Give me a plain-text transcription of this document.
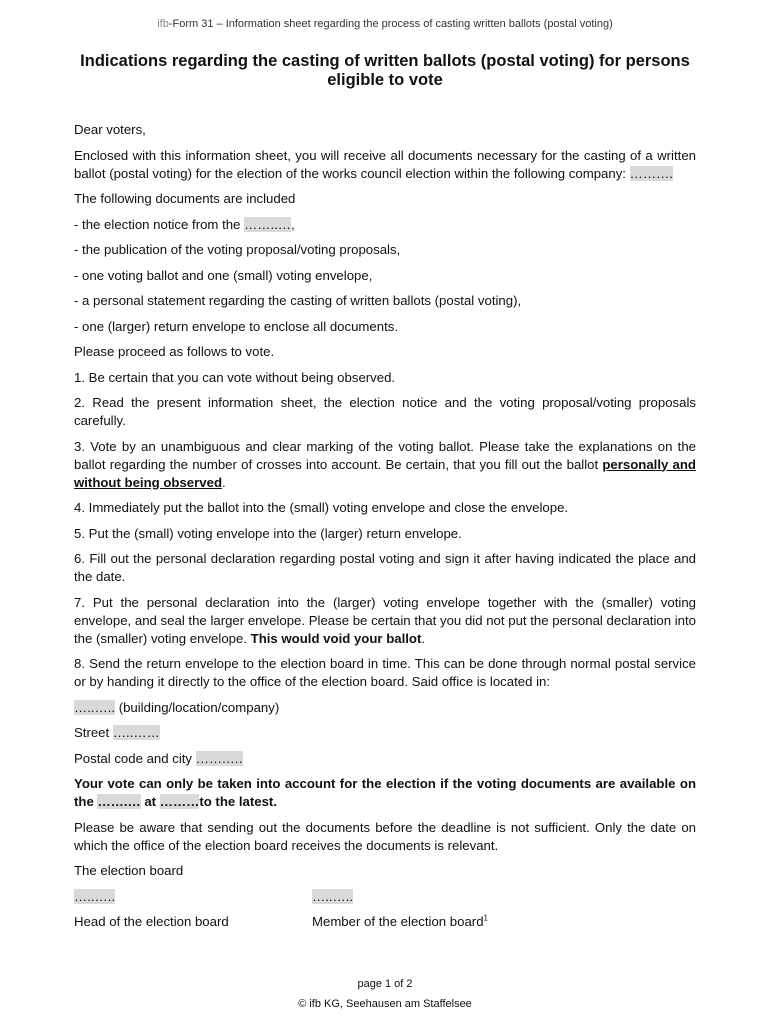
ifb-Form 31 – Information sheet regarding the process of casting written ballots (postal voting)
Indications regarding the casting of written ballots (postal voting) for persons eligible to vote

Dear voters,

Enclosed with this information sheet, you will receive all documents necessary for the casting of a written ballot (postal voting) for the election of the works council election within the following company: ……….

The following documents are included

- the election notice from the ……..…,

- the publication of the voting proposal/voting proposals,

- one voting ballot and one (small) voting envelope,

- a personal statement regarding the casting of written ballots (postal voting),

- one (larger) return envelope to enclose all documents.

Please proceed as follows to vote.

1. Be certain that you can vote without being observed.

2. Read the present information sheet, the election notice and the voting proposal/voting proposals carefully.

3. Vote by an unambiguous and clear marking of the voting ballot. Please take the explanations on the ballot regarding the number of crosses into account. Be certain, that you fill out the ballot personally and without being observed.

4. Immediately put the ballot into the (small) voting envelope and close the envelope.

5. Put the (small) voting envelope into the (larger) return envelope.

6. Fill out the personal declaration regarding postal voting and sign it after having indicated the place and the date.

7. Put the personal declaration into the (larger) voting envelope together with the (smaller) voting envelope, and seal the larger envelope. Please be certain that you did not put the personal declaration into the (smaller) voting envelope. This would void your ballot.

8. Send the return envelope to the election board in time. This can be done through normal postal service or by handing it directly to the office of the election board. Said office is located in:

…..….. (building/location/company)

Street …..……

Postal code and city …….….

Your vote can only be taken into account for the election if the voting documents are available on the …….… at ………to the latest.

Please be aware that sending out the documents before the deadline is not sufficient. Only the date on which the office of the election board receives the documents is relevant.

The election board

…..…..	…..…..
Head of the election board	Member of the election board$^1$
page 1 of 2
© ifb KG, Seehausen am Staffelsee
